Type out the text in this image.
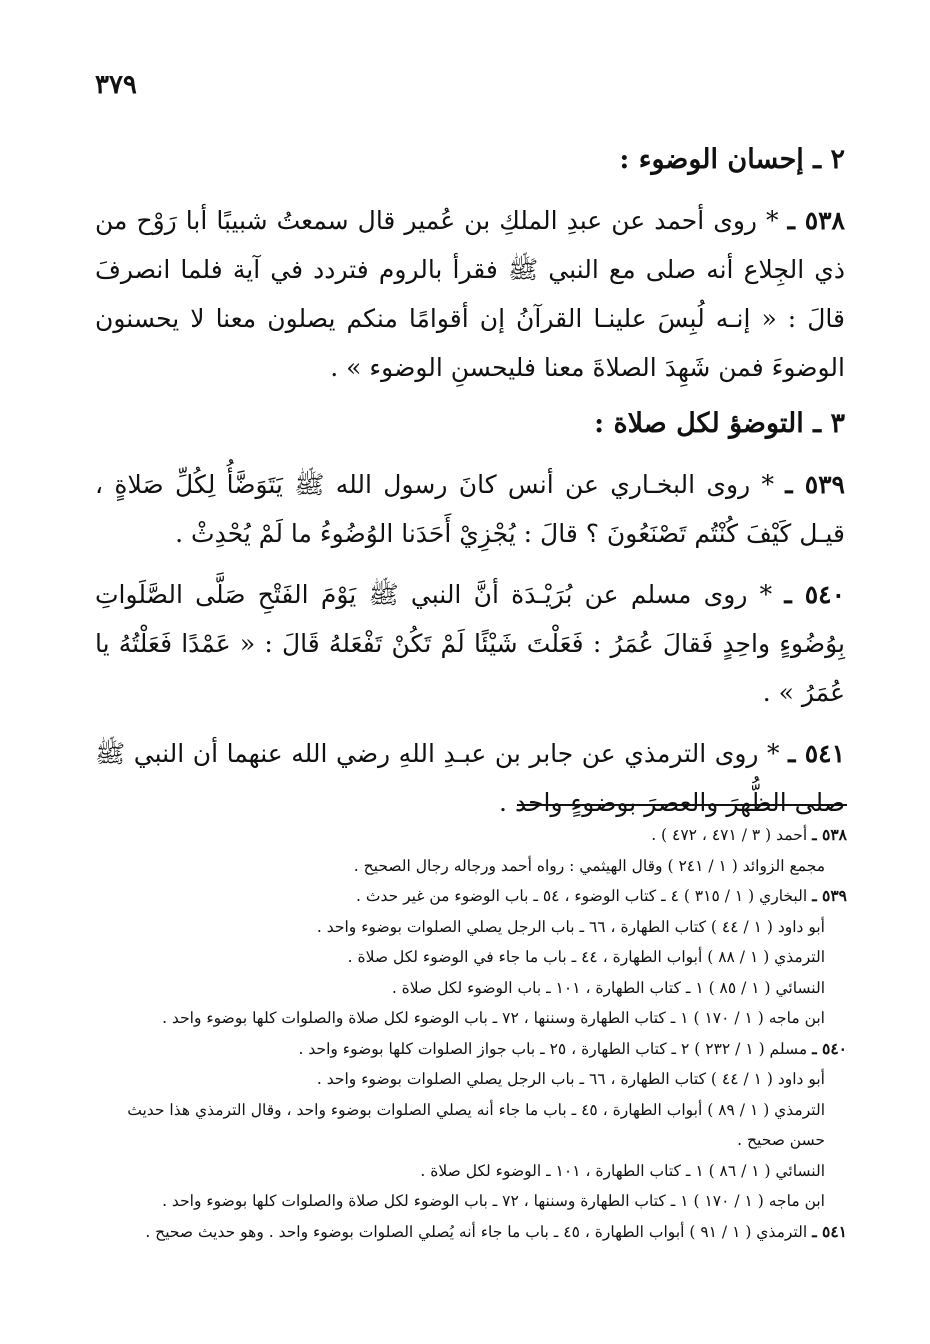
٣٧٩
٢ ـ إحسان الوضوء :

٥٣٨ ـ * روى أحمد عن عبدِ الملكِ بن عُمير قال سمعتُ شبيبًا أبا رَوْح من ذي الجِلاع أنه صلى مع النبي ﷺ فقرأ بالروم فتردد في آية فلما انصرفَ قالَ : « إنـه لُبِسَ علينـا القرآنُ إن أقوامًا منكم يصلون معنا لا يحسنون الوضوءَ فمن شَهِدَ الصلاةَ معنا فليحسنِ الوضوء » .

٣ ـ التوضؤ لكل صلاة :

٥٣٩ ـ * روى البخـاري عن أنس كانَ رسول الله ﷺ يَتَوَضَّأُ لِكُلِّ صَلاةٍ ، قيـل كَيْفَ كُنْتُم تَصْنَعُونَ ؟ قالَ : يُجْزِيْ أَحَدَنا الوُضُوءُ ما لَمْ يُحْدِثْ .

٥٤٠ ـ * روى مسلم عن بُرَيْـدَة أنَّ النبي ﷺ يَوْمَ الفَتْحِ صَلَّى الصَّلَواتِ بِوُضُوءٍ واحِدٍ فَقالَ عُمَرُ : فَعَلْتَ شَيْئًا لَمْ تَكُنْ تَفْعَلهُ قَالَ : « عَمْدًا فَعَلْتُهُ يا عُمَرُ » .

٥٤١ ـ * روى الترمذي عن جابر بن عبـدِ اللهِ رضي الله عنهما أن النبي ﷺ صلى الظُّهرَ والعصرَ بوضوءٍ واحد .

٥٣٨ ـ أحمد ( ٣ / ٤٧١ ، ٤٧٢ ) .

مجمع الزوائد ( ١ / ٢٤١ ) وقال الهيثمي : رواه أحمد ورجاله رجال الصحيح .

٥٣٩ ـ البخاري ( ١ / ٣١٥ ) ٤ ـ كتاب الوضوء ، ٥٤ ـ باب الوضوء من غير حدث .

أبو داود ( ١ / ٤٤ ) كتاب الطهارة ، ٦٦ ـ باب الرجل يصلي الصلوات بوضوء واحد .

الترمذي ( ١ / ٨٨ ) أبواب الطهارة ، ٤٤ ـ باب ما جاء في الوضوء لكل صلاة .

النسائي ( ١ / ٨٥ ) ١ ـ كتاب الطهارة ، ١٠١ ـ باب الوضوء لكل صلاة .

ابن ماجه ( ١ / ١٧٠ ) ١ ـ كتاب الطهارة وسننها ، ٧٢ ـ باب الوضوء لكل صلاة والصلوات كلها بوضوء واحد .

٥٤٠ ـ مسلم ( ١ / ٢٣٢ ) ٢ ـ كتاب الطهارة ، ٢٥ ـ باب جواز الصلوات كلها بوضوء واحد .

أبو داود ( ١ / ٤٤ ) كتاب الطهارة ، ٦٦ ـ باب الرجل يصلي الصلوات بوضوء واحد .

الترمذي ( ١ / ٨٩ ) أبواب الطهارة ، ٤٥ ـ باب ما جاء أنه يصلي الصلوات بوضوء واحد ، وقال الترمذي هذا حديث حسن صحيح .

النسائي ( ١ / ٨٦ ) ١ ـ كتاب الطهارة ، ١٠١ ـ الوضوء لكل صلاة .

ابن ماجه ( ١ / ١٧٠ ) ١ ـ كتاب الطهارة وسننها ، ٧٢ ـ باب الوضوء لكل صلاة والصلوات كلها بوضوء واحد .

٥٤١ ـ الترمذي ( ١ / ٩١ ) أبواب الطهارة ، ٤٥ ـ باب ما جاء أنه يُصلي الصلوات بوضوء واحد . وهو حديث صحيح .
